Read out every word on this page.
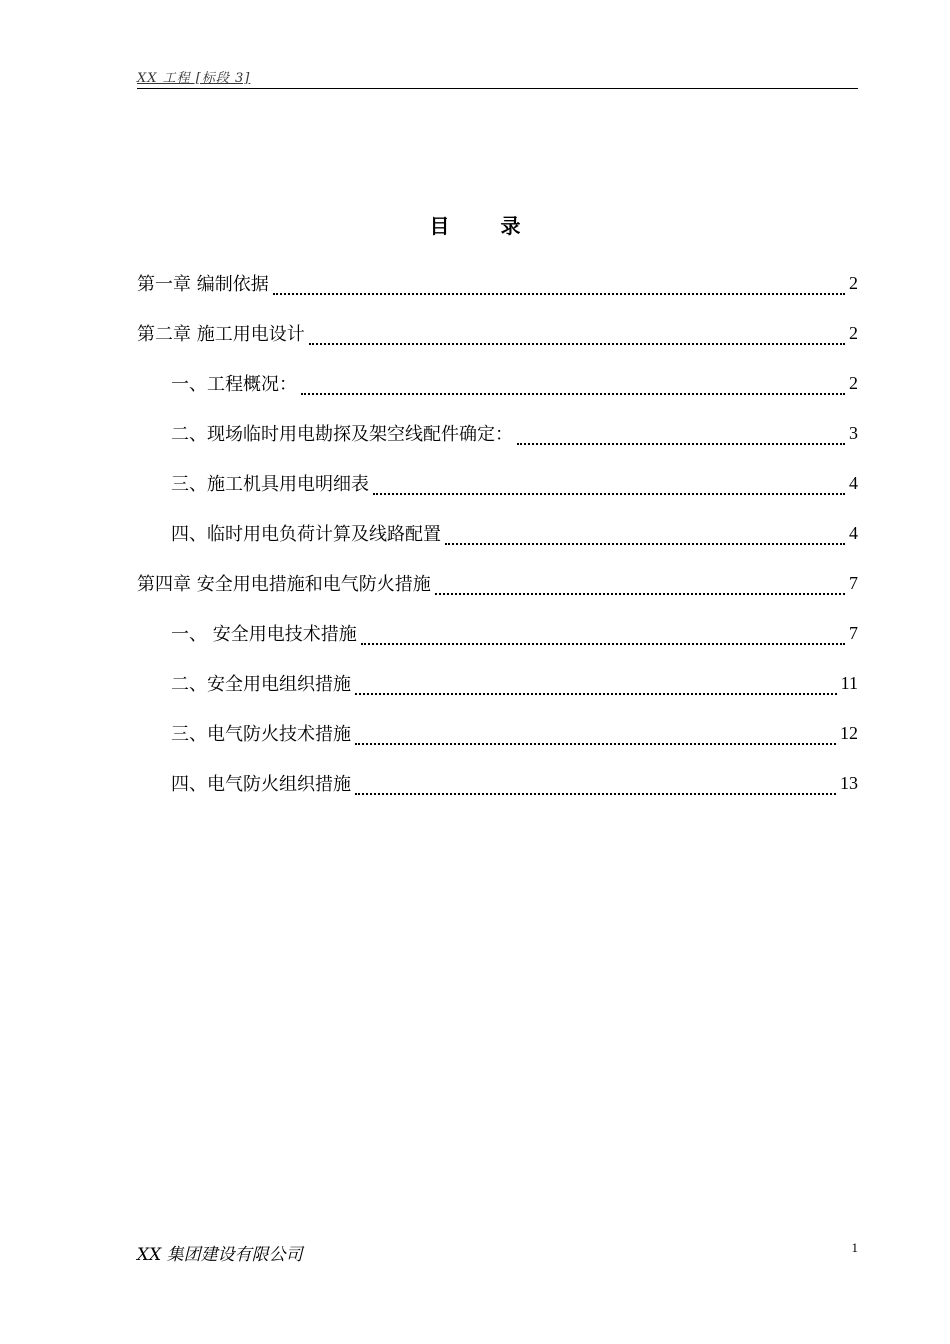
XX 工程 [标段 3]
目 录
第一章 编制依据	2
第二章 施工用电设计	2
一、工程概况：	2
二、现场临时用电勘探及架空线配件确定：	3
三、施工机具用电明细表	4
四、临时用电负荷计算及线路配置	4
第四章 安全用电措施和电气防火措施	7
一、 安全用电技术措施	7
二、安全用电组织措施	11
三、电气防火技术措施	12
四、电气防火组织措施	13
XX 集团建设有限公司	1
